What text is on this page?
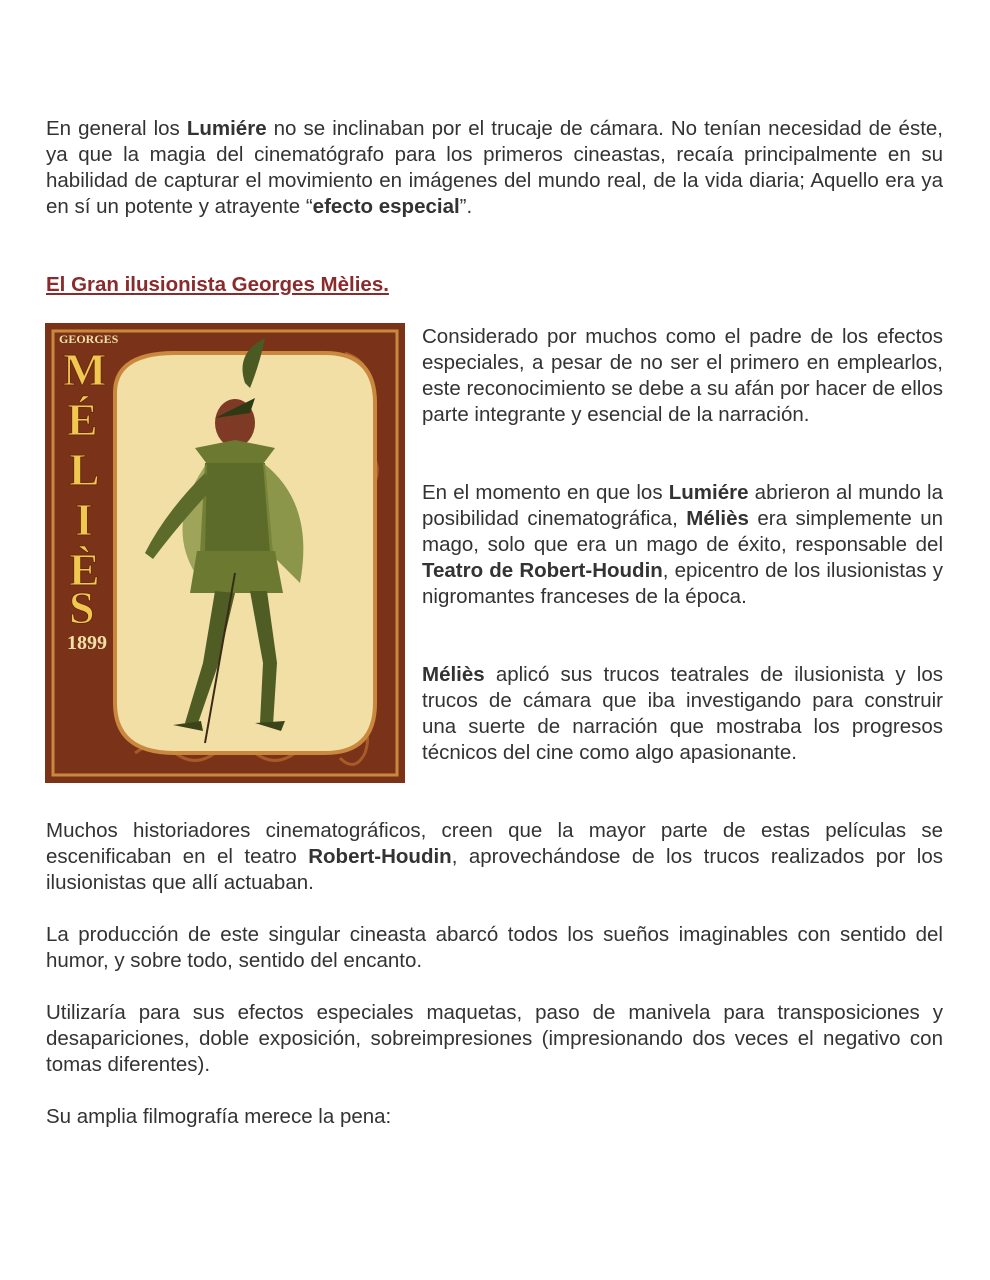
En general los Lumiére no se inclinaban por el trucaje de cámara. No tenían necesidad de éste, ya que la magia del cinematógrafo para los primeros cineastas, recaía principalmente en su habilidad de capturar el movimiento en imágenes del mundo real, de la vida diaria; Aquello era ya en sí un potente y atrayente “efecto especial”.

El Gran ilusionista Georges Mèlies.
GEORGES
M
É
L
I
È
S
1899

Considerado por muchos como el padre de los efectos especiales, a pesar de no ser el primero en emplearlos, este reconocimiento se debe a su afán por hacer de ellos parte integrante y esencial de la narración.

En el momento en que los Lumiére abrieron al mundo la posibilidad cinematográfica, Méliès era simplemente un mago, solo que era un mago de éxito, responsable del Teatro de Robert-Houdin, epicentro de los ilusionistas y nigromantes franceses de la época.

Méliès aplicó sus trucos teatrales de ilusionista y los trucos de cámara que iba investigando para construir una suerte de narración que mostraba los progresos técnicos del cine como algo apasionante.

Muchos historiadores cinematográficos, creen que la mayor parte de estas películas se escenificaban en el teatro Robert-Houdin, aprovechándose de los trucos realizados por los ilusionistas que allí actuaban.

La producción de este singular cineasta abarcó todos los sueños imaginables con sentido del humor, y sobre todo, sentido del encanto.

Utilizaría para sus efectos especiales maquetas, paso de manivela para transposiciones y desapariciones, doble exposición, sobreimpresiones (impresionando dos veces el negativo con tomas diferentes).

Su amplia filmografía merece la pena:
